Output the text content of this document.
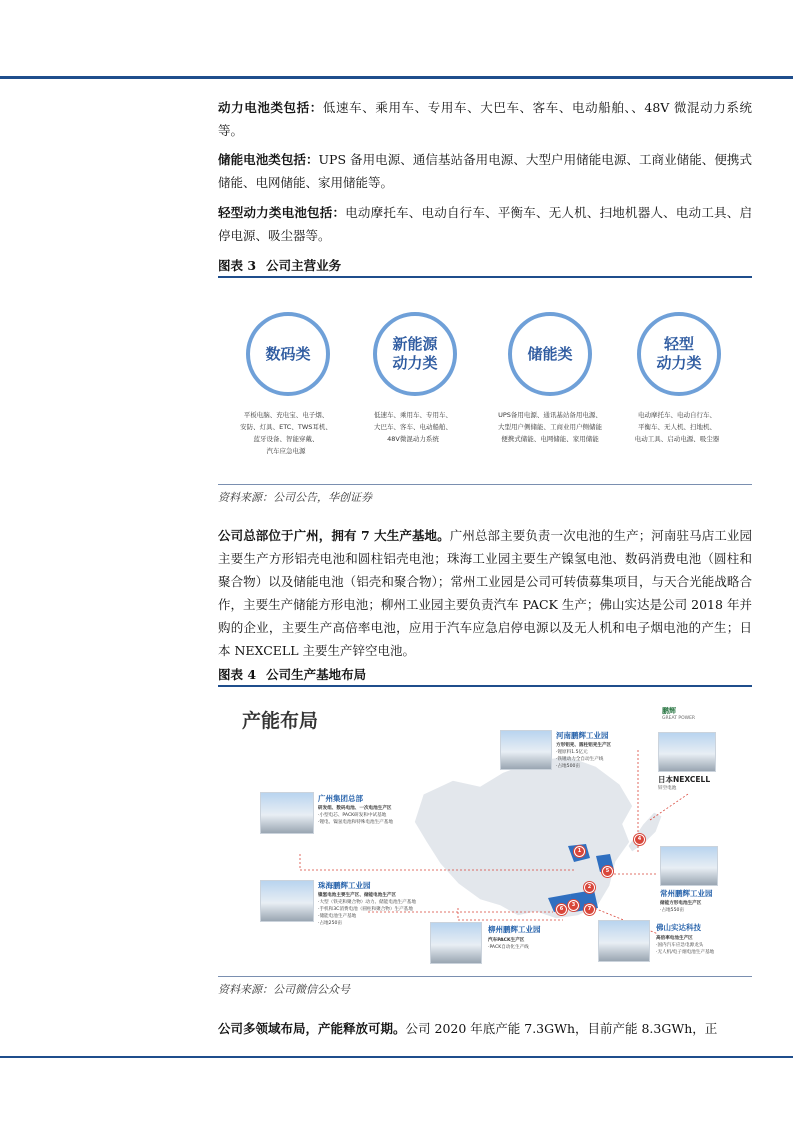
动力电池类包括：低速车、乘用车、专用车、大巴车、客车、电动船舶、、48V 微混动力系统等。

储能电池类包括：UPS 备用电源、通信基站备用电源、大型户用储能电源、工商业储能、便携式储能、电网储能、家用储能等。

轻型动力类电池包括：电动摩托车、电动自行车、平衡车、无人机、扫地机器人、电动工具、启停电源、吸尘器等。

图表 3 公司主营业务

数码类
平板电脑、充电宝、电子烟、
安防、灯具、ETC、TWS耳机、
蓝牙设备、智能穿戴、
汽车应急电源
新能源
动力类
低速车、乘用车、专用车、
大巴车、客车、电动船舶、
48V微混动力系统
储能类
UPS备用电源、通讯基站备用电源、
大型用户侧储能、工商业用户侧储能
便携式储能、电网储能、家用储能
轻型
动力类
电动摩托车、电动自行车、
平衡车、无人机、扫地机、
电动工具、启动电源、吸尘器

资料来源：公司公告，华创证券

公司总部位于广州，拥有 7 大生产基地。广州总部主要负责一次电池的生产；河南驻马店工业园主要生产方形铝壳电池和圆柱铝壳电池；珠海工业园主要生产镍氢电池、数码消费电池（圆柱和聚合物）以及储能电池（铝壳和聚合物）；常州工业园是公司可转债募集项目，与天合光能战略合作，主要生产储能方形电池；柳州工业园主要负责汽车 PACK 生产；佛山实达是公司 2018 年并购的企业，主要生产高倍率电池，应用于汽车应急启停电源以及无人机和电子烟电池的产生；日本 NEXCELL 主要生产锌空电池。

图表 4 公司生产基地布局

产能布局	鹏辉
GREAT POWER
1
2
3
4
5
6	7
河南鹏辉工业园
方形铝壳、圆柱铝壳生产区
·锂原料1.5亿元
·铁锂动力全自动生产线
·占地500亩
日本NEXCELL
锌空电池
广州集团总部
研发组、数码电池、一次电池生产区
·小型电芯、PACK研发和中试基地
·锂电、镍氢电池和特殊电池生产基地
珠海鹏辉工业园
镍氢电池主要生产区、储能电池生产区
·大型（铁壳和聚合物）动力、储能电池生产基地
·手机和3C消费电池（圆柱和聚合物）生产基地
·储能电池生产基地
·占地250亩
常州鹏辉工业园
储能方形电池生产区
·占地550亩
柳州鹏辉工业园
汽车PACK生产区
·PACK自动化生产线
佛山实达科技
高倍率电池生产区
·国内汽车应急电源龙头
·无人机/电子烟电池生产基地

资料来源：公司微信公众号

公司多领域布局，产能释放可期。公司 2020 年底产能 7.3GWh，目前产能 8.3GWh，正
